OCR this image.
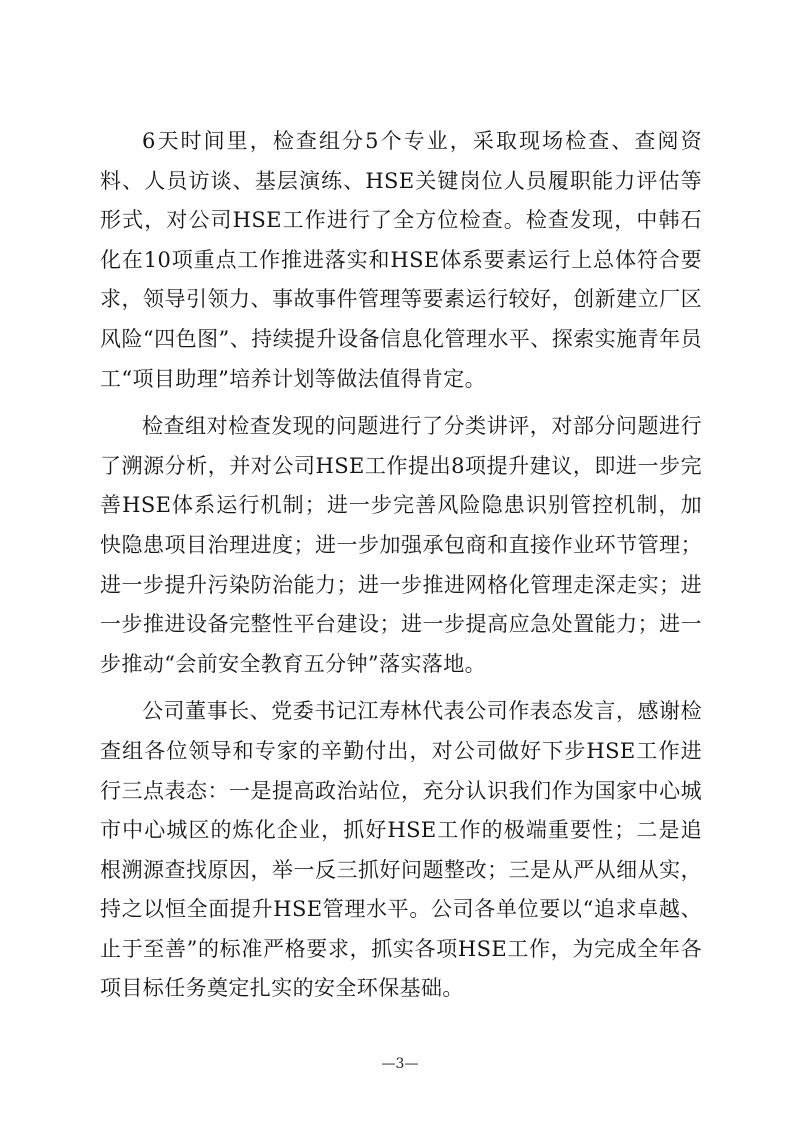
6天时间里，检查组分5个专业，采取现场检查、查阅资料、人员访谈、基层演练、HSE关键岗位人员履职能力评估等形式，对公司HSE工作进行了全方位检查。检查发现，中韩石化在10项重点工作推进落实和HSE体系要素运行上总体符合要求，领导引领力、事故事件管理等要素运行较好，创新建立厂区风险“四色图”、持续提升设备信息化管理水平、探索实施青年员工“项目助理”培养计划等做法值得肯定。

检查组对检查发现的问题进行了分类讲评，对部分问题进行了溯源分析，并对公司HSE工作提出8项提升建议，即进一步完善HSE体系运行机制；进一步完善风险隐患识别管控机制，加快隐患项目治理进度；进一步加强承包商和直接作业环节管理；进一步提升污染防治能力；进一步推进网格化管理走深走实；进一步推进设备完整性平台建设；进一步提高应急处置能力；进一步推动“会前安全教育五分钟”落实落地。

公司董事长、党委书记江寿林代表公司作表态发言，感谢检查组各位领导和专家的辛勤付出，对公司做好下步HSE工作进行三点表态：一是提高政治站位，充分认识我们作为国家中心城市中心城区的炼化企业，抓好HSE工作的极端重要性；二是追根溯源查找原因，举一反三抓好问题整改；三是从严从细从实，持之以恒全面提升HSE管理水平。公司各单位要以“追求卓越、止于至善”的标准严格要求，抓实各项HSE工作，为完成全年各项目标任务奠定扎实的安全环保基础。

—3—
